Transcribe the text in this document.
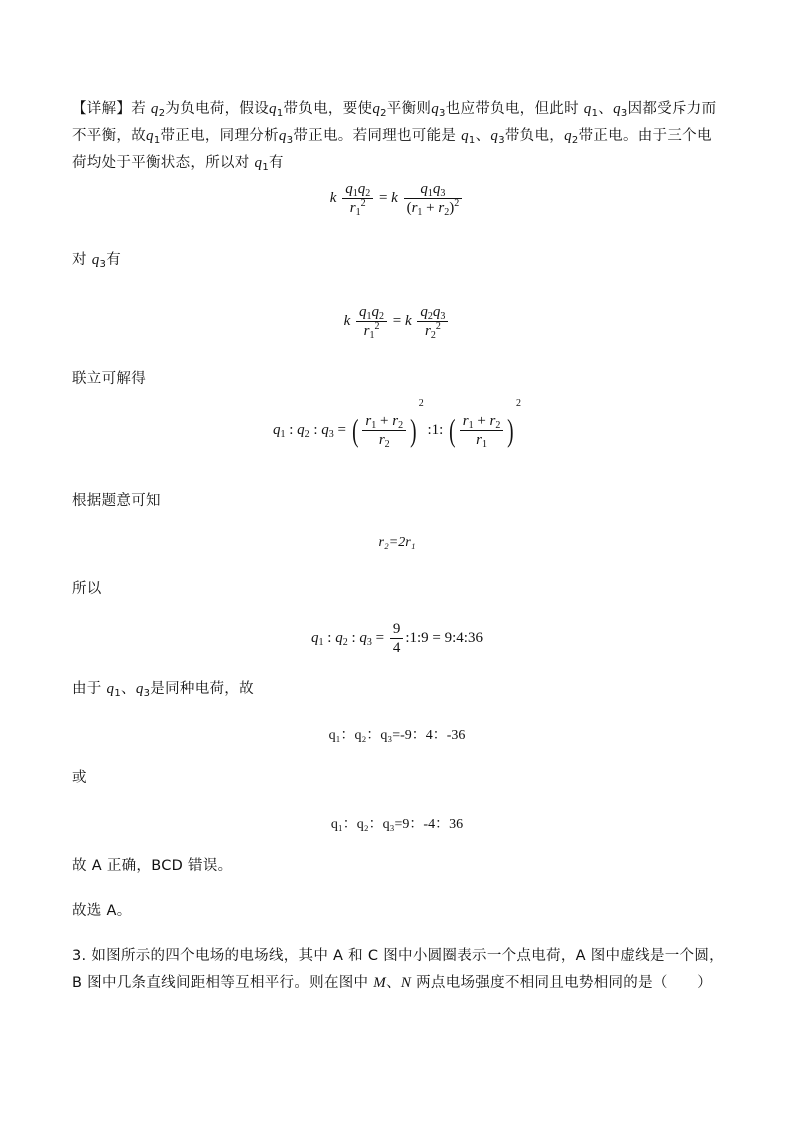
【详解】若 $q_2$为负电荷，假设$q_1$带负电，要使$q_2$平衡则$q_3$也应带负电，但此时 $q_1$、$q_3$因都受斥力而不平衡，故$q_1$带正电，同理分析$q_3$带正电。若同理也可能是 $q_1$、$q_3$带负电，$q_2$带正电。由于三个电荷均处于平衡状态，所以对 $q_1$有
k $\frac{q_1q_2}{r_1^2} = k \frac{q_1q_3}{(r_1 + r_2)^2}$
对 $q_3$有
k $\frac{q_1q_2}{r_1^2} = k \frac{q_2q_3}{r_2^2}$
联立可解得
$q_1$ : $q_2$ : $q_3$ = ( $\frac{r_1 + r_2}{r_2} )^2$ :1: ( $\frac{r_1 + r_2}{r_1} )^2$
根据题意可知
r₂=2r₁
所以
$q_1$ : $q_2$ : $q_3 = \frac{9}{4}$ :1:9 = 9:4:36
由于 $q_1$、$q_3$是同种电荷，故
q₁：q₂：q₃=-9：4：-36
或
q₁：q₂：q₃=9：-4：36
故 A 正确，BCD 错误。
故选 A。
3. 如图所示的四个电场的电场线，其中 A 和 C 图中小圆圈表示一个点电荷，A 图中虚线是一个圆，B 图中几条直线间距相等互相平行。则在图中 M、N 两点电场强度不相同且电势相同的是（　　）
